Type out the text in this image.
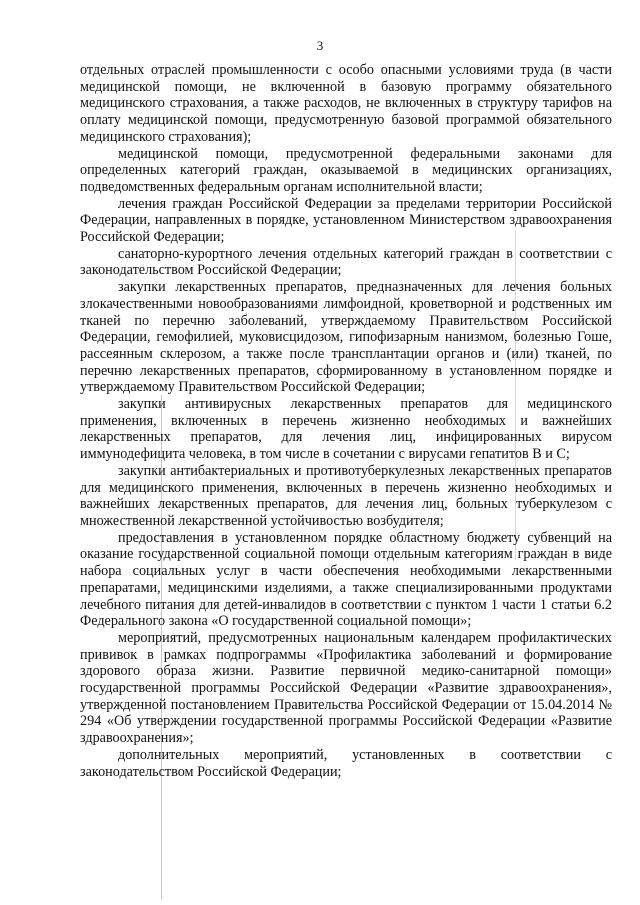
3

отдельных отраслей промышленности с особо опасными условиями труда (в части медицинской помощи, не включенной в базовую программу обязательного медицинского страхования, а также расходов, не включенных в структуру тарифов на оплату медицинской помощи, предусмотренную базовой программой обязательного медицинского страхования);

медицинской помощи, предусмотренной федеральными законами для определенных категорий граждан, оказываемой в медицинских организациях, подведомственных федеральным органам исполнительной власти;

лечения граждан Российской Федерации за пределами территории Российской Федерации, направленных в порядке, установленном Министерством здравоохранения Российской Федерации;

санаторно-курортного лечения отдельных категорий граждан в соответствии с законодательством Российской Федерации;

закупки лекарственных препаратов, предназначенных для лечения больных злокачественными новообразованиями лимфоидной, кроветворной и родственных им тканей по перечню заболеваний, утверждаемому Правительством Российской Федерации, гемофилией, муковисцидозом, гипофизарным нанизмом, болезнью Гоше, рассеянным склерозом, а также после трансплантации органов и (или) тканей, по перечню лекарственных препаратов, сформированному в установленном порядке и утверждаемому Правительством Российской Федерации;

закупки антивирусных лекарственных препаратов для медицинского применения, включенных в перечень жизненно необходимых и важнейших лекарственных препаратов, для лечения лиц, инфицированных вирусом иммунодефицита человека, в том числе в сочетании с вирусами гепатитов В и С;

закупки антибактериальных и противотуберкулезных лекарственных препаратов для медицинского применения, включенных в перечень жизненно необходимых и важнейших лекарственных препаратов, для лечения лиц, больных туберкулезом с множественной лекарственной устойчивостью возбудителя;

предоставления в установленном порядке областному бюджету субвенций на оказание государственной социальной помощи отдельным категориям граждан в виде набора социальных услуг в части обеспечения необходимыми лекарственными препаратами, медицинскими изделиями, а также специализированными продуктами лечебного питания для детей-инвалидов в соответствии с пунктом 1 части 1 статьи 6.2 Федерального закона «О государственной социальной помощи»;

мероприятий, предусмотренных национальным календарем профилактических прививок в рамках подпрограммы «Профилактика заболеваний и формирование здорового образа жизни. Развитие первичной медико-санитарной помощи» государственной программы Российской Федерации «Развитие здравоохранения», утвержденной постановлением Правительства Российской Федерации от 15.04.2014 № 294 «Об утверждении государственной программы Российской Федерации «Развитие здравоохранения»;

дополнительных мероприятий, установленных в соответствии с законодательством Российской Федерации;
